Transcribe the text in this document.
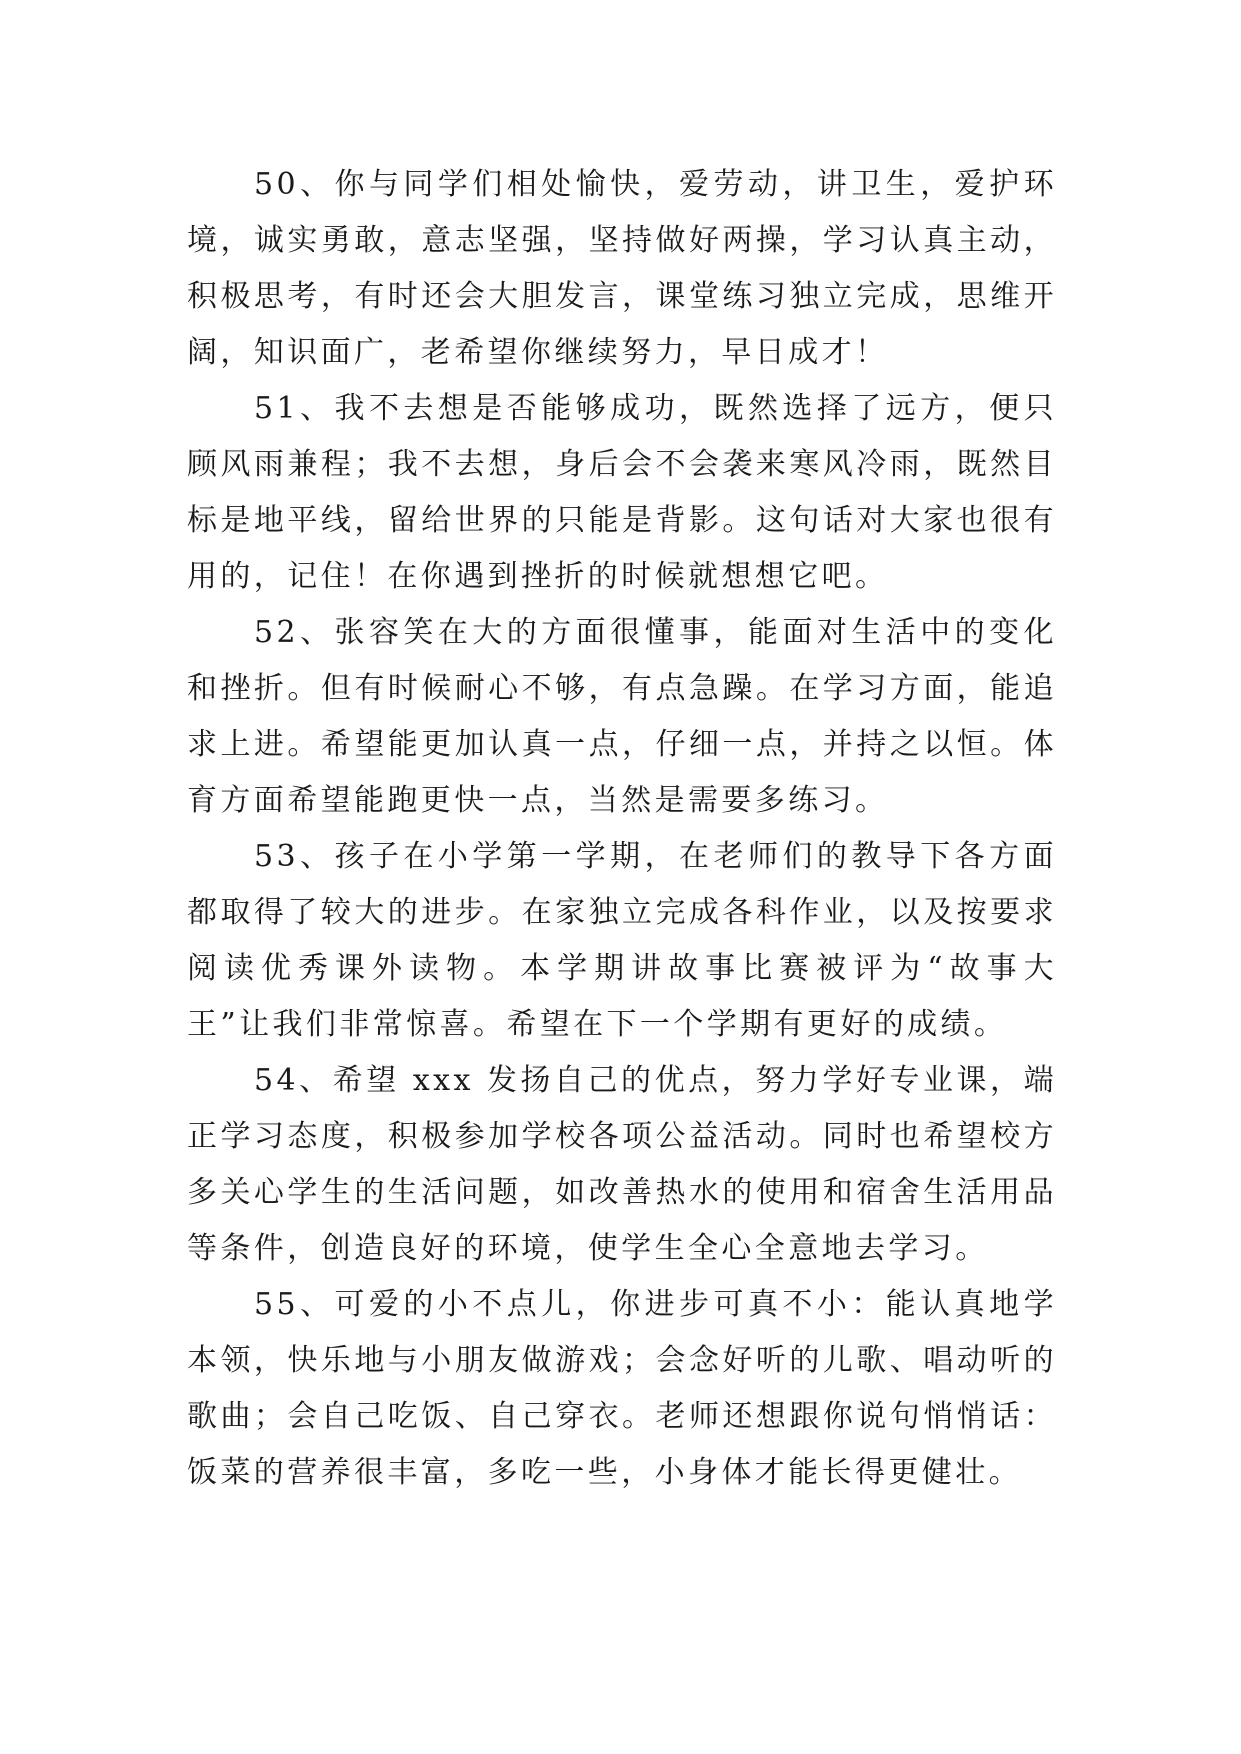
50、你与同学们相处愉快，爱劳动，讲卫生，爱护环境，诚实勇敢，意志坚强，坚持做好两操，学习认真主动，积极思考，有时还会大胆发言，课堂练习独立完成，思维开阔，知识面广，老希望你继续努力，早日成才！

51、我不去想是否能够成功，既然选择了远方，便只顾风雨兼程；我不去想，身后会不会袭来寒风冷雨，既然目标是地平线，留给世界的只能是背影。这句话对大家也很有用的，记住！在你遇到挫折的时候就想想它吧。

52、张容笑在大的方面很懂事，能面对生活中的变化和挫折。但有时候耐心不够，有点急躁。在学习方面，能追求上进。希望能更加认真一点，仔细一点，并持之以恒。体育方面希望能跑更快一点，当然是需要多练习。

53、孩子在小学第一学期，在老师们的教导下各方面都取得了较大的进步。在家独立完成各科作业，以及按要求阅读优秀课外读物。本学期讲故事比赛被评为“故事大王”让我们非常惊喜。希望在下一个学期有更好的成绩。

54、希望 xxx 发扬自己的优点，努力学好专业课，端正学习态度，积极参加学校各项公益活动。同时也希望校方多关心学生的生活问题，如改善热水的使用和宿舍生活用品等条件，创造良好的环境，使学生全心全意地去学习。

55、可爱的小不点儿，你进步可真不小：能认真地学本领，快乐地与小朋友做游戏；会念好听的儿歌、唱动听的歌曲；会自己吃饭、自己穿衣。老师还想跟你说句悄悄话：饭菜的营养很丰富，多吃一些，小身体才能长得更健壮。
